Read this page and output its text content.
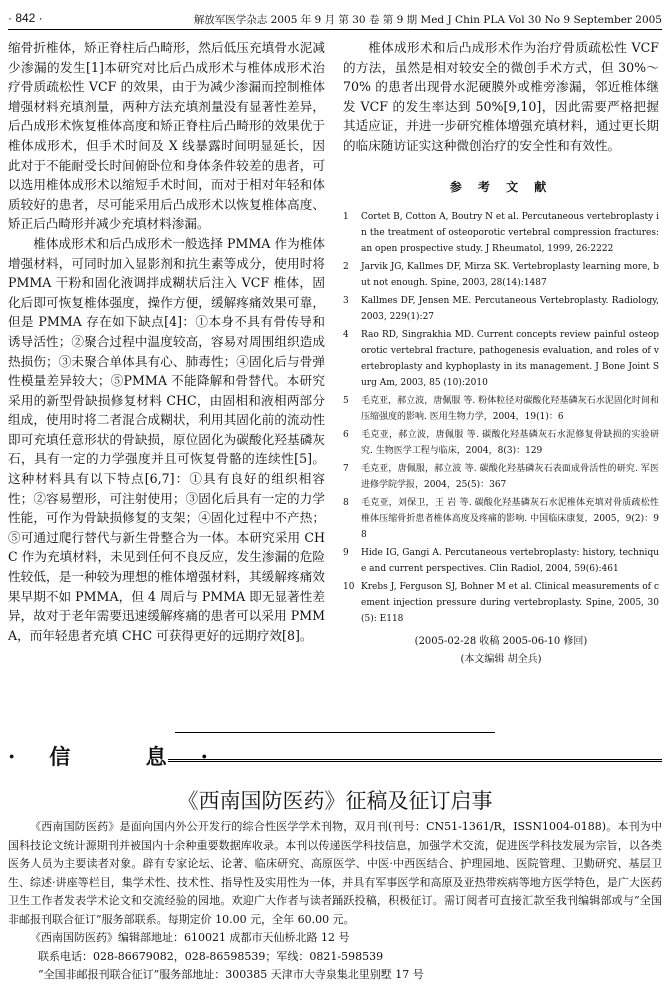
· 842 ·	解放军医学杂志 2005 年 9 月 第 30 卷 第 9 期 Med J Chin PLA Vol 30 No 9 September 2005

缩骨折椎体，矫正脊柱后凸畸形，然后低压充填骨水泥减少渗漏的发生[1]本研究对比后凸成形术与椎体成形术治疗骨质疏松性 VCF 的效果，由于为减少渗漏而控制椎体增强材料充填剂量，两种方法充填剂量没有显著性差异，后凸成形术恢复椎体高度和矫正脊柱后凸畸形的效果优于椎体成形术，但手术时间及 X 线暴露时间明显延长，因此对于不能耐受长时间俯卧位和身体条件较差的患者，可以选用椎体成形术以缩短手术时间，而对于相对年轻和体质较好的患者，尽可能采用后凸成形术以恢复椎体高度、矫正后凸畸形并减少充填材料渗漏。

椎体成形术和后凸成形术一般选择 PMMA 作为椎体增强材料，可同时加入显影剂和抗生素等成分，使用时将 PMMA 干粉和固化液调拌成糊状后注入 VCF 椎体，固化后即可恢复椎体强度，操作方便，缓解疼痛效果可靠，但是 PMMA 存在如下缺点[4]：①本身不具有骨传导和诱导活性；②聚合过程中温度较高，容易对周围组织造成热损伤；③未聚合单体具有心、肺毒性；④固化后与骨弹性模量差异较大；⑤PMMA 不能降解和骨替代。本研究采用的新型骨缺损修复材料 CHC，由固相和液相两部分组成，使用时将二者混合成糊状，利用其固化前的流动性即可充填任意形状的骨缺损，原位固化为碳酸化羟基磷灰石，具有一定的力学强度并且可恢复骨骼的连续性[5]。这种材料具有以下特点[6,7]：①具有良好的组织相容性；②容易塑形，可注射使用；③固化后具有一定的力学性能，可作为骨缺损修复的支架；④固化过程中不产热；⑤可通过爬行替代与新生骨整合为一体。本研究采用 CHC 作为充填材料，未见到任何不良反应，发生渗漏的危险性较低，是一种较为理想的椎体增强材料，其缓解疼痛效果早期不如 PMMA，但 4 周后与 PMMA 即无显著性差异，故对于老年需要迅速缓解疼痛的患者可以采用 PMMA，而年轻患者充填 CHC 可获得更好的远期疗效[8]。

椎体成形术和后凸成形术作为治疗骨质疏松性 VCF 的方法，虽然是相对较安全的微创手术方式，但 30%～70% 的患者出现骨水泥硬膜外或椎旁渗漏，邻近椎体继发 VCF 的发生率达到 50%[9,10]，因此需要严格把握其适应证，并进一步研究椎体增强充填材料，通过更长期的临床随访证实这种微创治疗的安全性和有效性。

参 考 文 献
1	Cortet B, Cotton A, Boutry N et al. Percutaneous vertebroplasty in the treatment of osteoporotic vertebral compression fractures: an open prospective study. J Rheumatol, 1999, 26:2222
2	Jarvik JG, Kallmes DF, Mirza SK. Vertebroplasty learning more, but not enough. Spine, 2003, 28(14):1487
3	Kallmes DF, Jensen ME. Percutaneous Vertebroplasty. Radiology, 2003, 229(1):27
4	Rao RD, Singrakhia MD. Current concepts review painful osteoporotic vertebral fracture, pathogenesis evaluation, and roles of vertebroplasty and kyphoplasty in its management. J Bone Joint Surg Am, 2003, 85 (10):2010
5	毛克亚，郝立波，唐佩服 等. 粉体粒径对碳酸化羟基磷灰石水泥固化时间和压缩强度的影响. 医用生物力学，2004，19(1)：6
6	毛克亚，郝立波，唐佩服 等. 碳酸化羟基磷灰石水泥修复骨缺损的实验研究. 生物医学工程与临床，2004，8(3)：129
7	毛克亚，唐佩服，郝立波 等. 碳酸化羟基磷灰石表面成骨活性的研究. 军医进修学院学报，2004，25(5)：367
8	毛克亚，刘保卫，王 岩 等. 碳酸化羟基磷灰石水泥椎体充填对骨质疏松性椎体压缩骨折患者椎体高度及疼痛的影响. 中国临床康复，2005，9(2)：98
9	Hide IG, Gangi A. Percutaneous vertebroplasty: history, technique and current perspectives. Clin Radiol, 2004, 59(6):461
10 Krebs J, Ferguson SJ, Bohner M et al. Clinical measurements of cement injection pressure during vertebroplasty. Spine, 2005, 30(5): E118
(2005-02-28 收稿 2005-06-10 修回)
(本文编辑 胡全兵)
·信 息·
《西南国防医药》征稿及征订启事

《西南国防医药》是面向国内外公开发行的综合性医学学术刊物，双月刊(刊号：CN51-1361/R，ISSN1004-0188)。本刊为中国科技论文统计源期刊并被国内十余种重要数据库收录。本刊以传递医学科技信息，加强学术交流，促进医学科技发展为宗旨，以各类医务人员为主要读者对象。辟有专家论坛、论著、临床研究、高原医学、中医·中西医结合、护理园地、医院管理、卫勤研究、基层卫生、综述·讲座等栏目，集学术性、技术性、指导性及实用性为一体，并具有军事医学和高原及亚热带疾病等地方医学特色，是广大医药卫生工作者发表学术论文和交流经验的园地。欢迎广大作者与读者踊跃投稿，积极征订。需订阅者可直接汇款至我刊编辑部或与“全国非邮报刊联合征订”服务部联系。每期定价 10.00 元，全年 60.00 元。

《西南国防医药》编辑部地址：610021 成都市天仙桥北路 12 号

联系电话：028-86679082，028-86598539；军线：0821-598539

“全国非邮报刊联合征订”服务部地址：300385 天津市大寺泉集北里别墅 17 号
